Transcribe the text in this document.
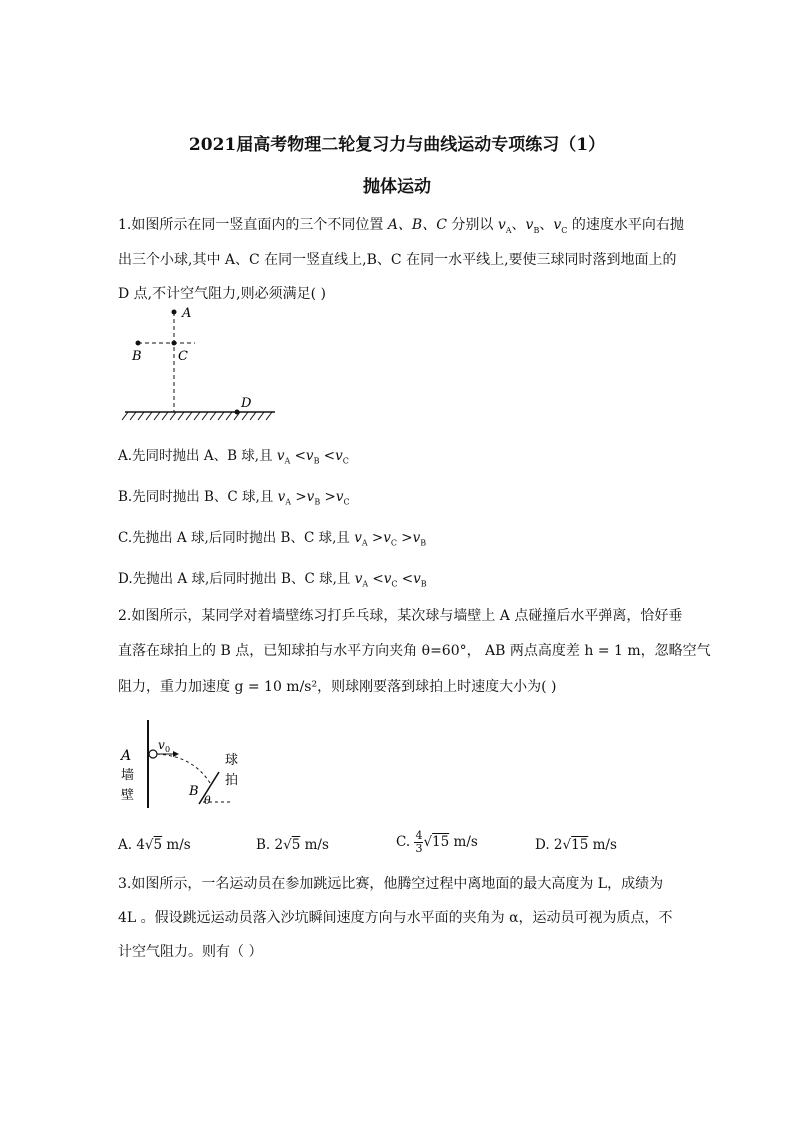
2021届高考物理二轮复习力与曲线运动专项练习（1）
抛体运动
1.如图所示在同一竖直面内的三个不同位置 A、B、C 分别以 $v_A$、$v_B$、$v_C$ 的速度水平向右抛
出三个小球,其中 A、C 在同一竖直线上,B、C 在同一水平线上,要使三球同时落到地面上的
D 点,不计空气阻力,则必须满足( )
A
B	C
D
A.先同时抛出 A、B 球,且 $v_A <v_B <v_C$
B.先同时抛出 B、C 球,且 $v_A >v_B >v_C$
C.先抛出 A 球,后同时抛出 B、C 球,且 $v_A >v_C >v_B$
D.先抛出 A 球,后同时抛出 B、C 球,且 $v_A <v_C <v_B$
2.如图所示，某同学对着墙壁练习打乒乓球，某次球与墙壁上 A 点碰撞后水平弹离，恰好垂
直落在球拍上的 B 点，已知球拍与水平方向夹角 θ=60°， AB 两点高度差 h = 1 m，忽略空气
阻力，重力加速度 g = 10 m/s²，则球刚要落到球拍上时速度大小为( )
A
v 0
B
θ
墙
壁
球
拍
A. 4√5 m/s	B. 2√5 m/s	C. $\frac{4}{3} √15$ m/s	D. 2√15 m/s
3.如图所示，一名运动员在参加跳远比赛，他腾空过程中离地面的最大高度为 L，成绩为
4L 。假设跳远运动员落入沙坑瞬间速度方向与水平面的夹角为 α，运动员可视为质点，不
计空气阻力。则有（ ）
